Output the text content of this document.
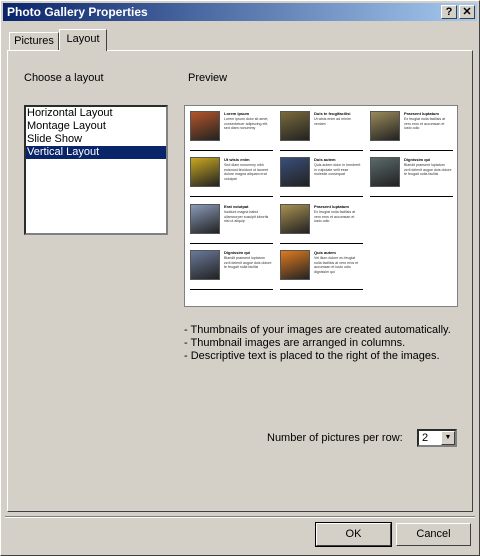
Photo Gallery Properties	? ✕
Pictures	Layout
Choose a layout	Preview
Horizontal Layout
Montage Layout
Slide Show
Vertical Layout
Lorem ipsum
Lorem ipsum dolor sit amet, consectetuer adipiscing elit, sed diam nonummy
Duis te feugifacilisi
Ut wisis enim ad minim veniam
Praesent luptatum
Ex feugiat nulla facilisis at vero eros et accumsan et iusto odio
Ut wisis enim
Sed diam nonummy nibh euismod tincidunt ut laoreet dolore magna aliquam erat volutpat
Duis autem
Quis autem dolor in hendrerit in vulputate velit esse molestie consequat
Dignissim qui
Blandit praesent luptatum zzril delenit augue duis dolore te feugait nulla facilisi
Erat volutpat
Iscidunt magna babui ullamcorper suscipit lobortis nisl ut aliquip
Praesent luptatum
Ex feugiat nulla facilisis at vero eros et accumsan et iusto odio
Dignissim qui
Blandit praesent luptatum zzril delenit augue duis dolore te feugait nulla facilisi
Quis autem
Vel illum dolore eu feugiat nulla facilisis at vero eros et accumsan et iusto odio dignissim qui
- Thumbnails of your images are created automatically.
- Thumbnail images are arranged in columns.
- Descriptive text is placed to the right of the images.
Number of pictures per row: 2	▼
OK	Cancel
